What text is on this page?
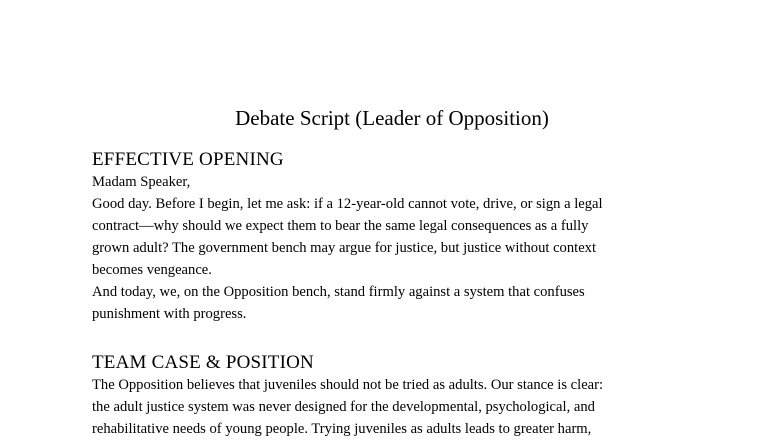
Debate Script (Leader of Opposition)
EFFECTIVE OPENING

Madam Speaker,

Good day. Before I begin, let me ask: if a 12-year-old cannot vote, drive, or sign a legal

contract—why should we expect them to bear the same legal consequences as a fully

grown adult? The government bench may argue for justice, but justice without context

becomes vengeance.

And today, we, on the Opposition bench, stand firmly against a system that confuses

punishment with progress.

TEAM CASE & POSITION

The Opposition believes that juveniles should not be tried as adults. Our stance is clear:

the adult justice system was never designed for the developmental, psychological, and

rehabilitative needs of young people. Trying juveniles as adults leads to greater harm,
